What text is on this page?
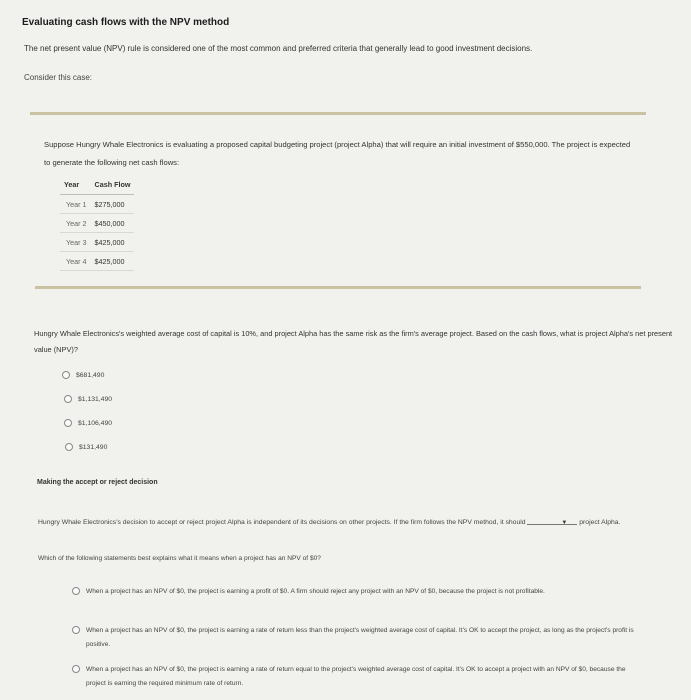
Evaluating cash flows with the NPV method
The net present value (NPV) rule is considered one of the most common and preferred criteria that generally lead to good investment decisions.
Consider this case:
Suppose Hungry Whale Electronics is evaluating a proposed capital budgeting project (project Alpha) that will require an initial investment of $550,000. The project is expected to generate the following net cash flows:
Year	Cash Flow
Year 1	$275,000
Year 2	$450,000
Year 3	$425,000
Year 4	$425,000
Hungry Whale Electronics's weighted average cost of capital is 10%, and project Alpha has the same risk as the firm's average project. Based on the cash flows, what is project Alpha's net present value (NPV)?
$681,490
$1,131,490
$1,106,490
$131,490
Making the accept or reject decision
Hungry Whale Electronics's decision to accept or reject project Alpha is independent of its decisions on other projects. If the firm follows the NPV method, it should	▼ project Alpha.
Which of the following statements best explains what it means when a project has an NPV of $0?
When a project has an NPV of $0, the project is earning a profit of $0. A firm should reject any project with an NPV of $0, because the project is not profitable.
When a project has an NPV of $0, the project is earning a rate of return less than the project's weighted average cost of capital. It's OK to accept the project, as long as the project's profit is positive.
When a project has an NPV of $0, the project is earning a rate of return equal to the project's weighted average cost of capital. It's OK to accept a project with an NPV of $0, because the project is earning the required minimum rate of return.
